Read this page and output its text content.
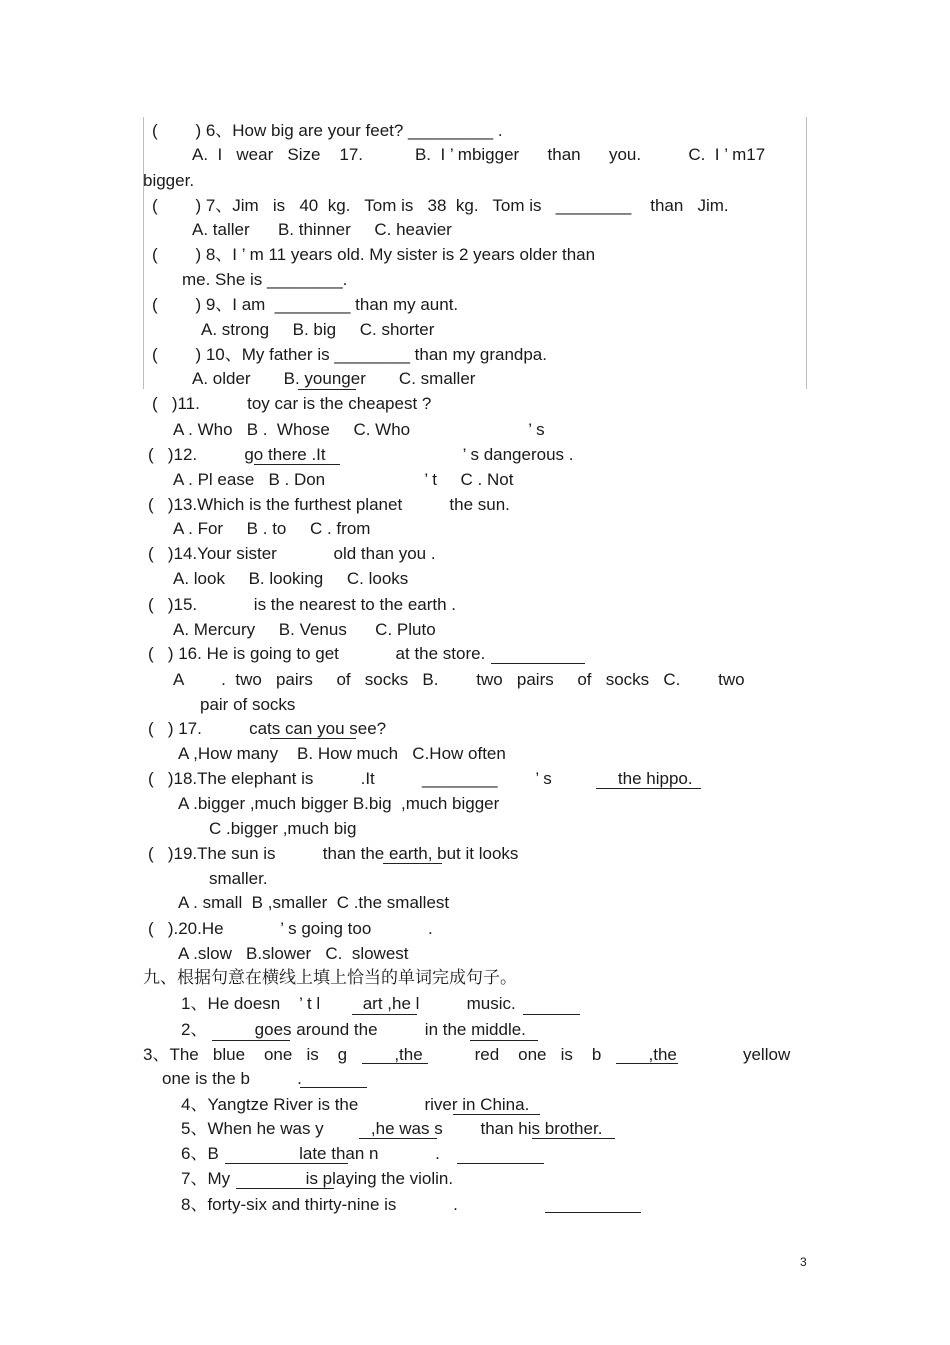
(        ) 6、How big are your feet? _________ .
A.  I   wear   Size    17.           B.  I ’ mbigger      than      you.          C.  I ’ m17
bigger.
(        ) 7、Jim   is   40  kg.   Tom is   38  kg.   Tom is   ________    than   Jim.
A. taller      B. thinner     C. heavier
(        ) 8、I ’ m 11 years old. My sister is 2 years older than
me. She is ________.
(        ) 9、I am  ________ than my aunt.
A. strong     B. big     C. shorter
(        ) 10、My father is ________ than my grandpa.
A. older       B. younger       C. smaller
(   )11.          toy car is the cheapest ?
A . Who   B .  Whose     C. Who                         ’ s
(   )12.          go there .It                             ’ s dangerous .
A . Pl ease   B . Don                     ’ t     C . Not
(   )13.Which is the furthest planet          the sun.
A . For     B . to     C . from
(   )14.Your sister            old than you .
A. look     B. looking     C. looks
(   )15.            is the nearest to the earth .
A. Mercury     B. Venus      C. Pluto
(   ) 16. He is going to get            at the store.
A        .  two   pairs     of   socks   B.        two   pairs     of   socks   C.        two
pair of socks
(   ) 17.          cats can you see?
A ,How many    B. How much   C.How often
(   )18.The elephant is          .It          ________        ’ s              the hippo.
A .bigger ,much bigger B.big  ,much bigger
C .bigger ,much big
(   )19.The sun is          than the earth, but it looks
smaller.
A . small  B ,smaller  C .the smallest
(   ).20.He            ’ s going too            .
A .slow   B.slower   C.  slowest
九、根据句意在横线上填上恰当的单词完成句子。
1、He doesn    ’ t l         art ,he l          music.
2、          goes around the          in the middle.
3、The   blue    one   is    g          ,the           red    one   is    b          ,the              yellow
one is the b          .
4、Yangtze River is the              river in China.
5、When he was y          ,he was s        than his brother.
6、B                 late than n            .
7、My                is playing the violin.
8、forty-six and thirty-nine is            .
3
